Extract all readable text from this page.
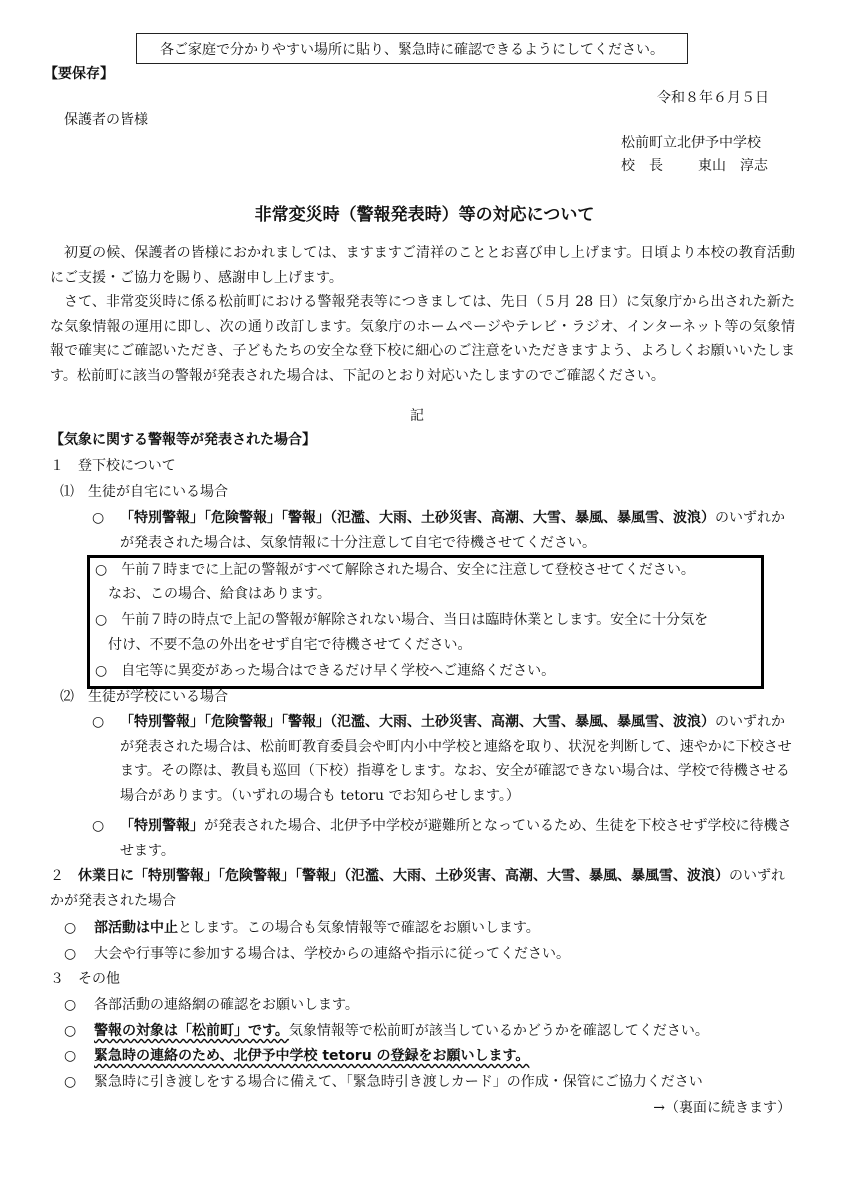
各ご家庭で分かりやすい場所に貼り、緊急時に確認できるようにしてください。
【要保存】
令和８年６月５日
保護者の皆様
松前町立北伊予中学校
校　長	東山　淳志
非常変災時（警報発表時）等の対応について
初夏の候、保護者の皆様におかれましては、ますますご清祥のこととお喜び申し上げます。日頃より本校の教育活動にご支援・ご協力を賜り、感謝申し上げます。
さて、非常変災時に係る松前町における警報発表等につきましては、先日（５月 28 日）に気象庁から出された新たな気象情報の運用に即し、次の通り改訂します。気象庁のホームページやテレビ・ラジオ、インターネット等の気象情報で確実にご確認いただき、子どもたちの安全な登下校に細心のご注意をいただきますよう、よろしくお願いいたします。松前町に該当の警報が発表された場合は、下記のとおり対応いたしますのでご確認ください。
記
【気象に関する警報等が発表された場合】
１　登下校について
⑴　生徒が自宅にいる場合
○ 「特別警報」「危険警報」「警報」（氾濫、大雨、土砂災害、高潮、大雪、暴風、暴風雪、波浪）のいずれかが発表された場合は、気象情報に十分注意して自宅で待機させてください。
○　午前７時までに上記の警報がすべて解除された場合、安全に注意して登校させてください。
なお、この場合、給食はあります。
○　午前７時の時点で上記の警報が解除されない場合、当日は臨時休業とします。安全に十分気を
付け、不要不急の外出をせず自宅で待機させてください。
○　自宅等に異変があった場合はできるだけ早く学校へご連絡ください。
⑵　生徒が学校にいる場合
○ 「特別警報」「危険警報」「警報」（氾濫、大雨、土砂災害、高潮、大雪、暴風、暴風雪、波浪）のいずれかが発表された場合は、松前町教育委員会や町内小中学校と連絡を取り、状況を判断して、速やかに下校させます。その際は、教員も巡回（下校）指導をします。なお、安全が確認できない場合は、学校で待機させる場合があります。（いずれの場合も tetoru でお知らせします。）
○ 「特別警報」が発表された場合、北伊予中学校が避難所となっているため、生徒を下校させず学校に待機させます。
２　休業日に「特別警報」「危険警報」「警報」（氾濫、大雨、土砂災害、高潮、大雪、暴風、暴風雪、波浪）のいずれかが発表された場合
○ 部活動は中止とします。この場合も気象情報等で確認をお願いします。
○ 大会や行事等に参加する場合は、学校からの連絡や指示に従ってください。
３　その他
○ 各部活動の連絡網の確認をお願いします。
○ 警報の対象は「松前町」です。気象情報等で松前町が該当しているかどうかを確認してください。
○ 緊急時の連絡のため、北伊予中学校 tetoru の登録をお願いします。
○ 緊急時に引き渡しをする場合に備えて、「緊急時引き渡しカード」の作成・保管にご協力ください
→（裏面に続きます）
